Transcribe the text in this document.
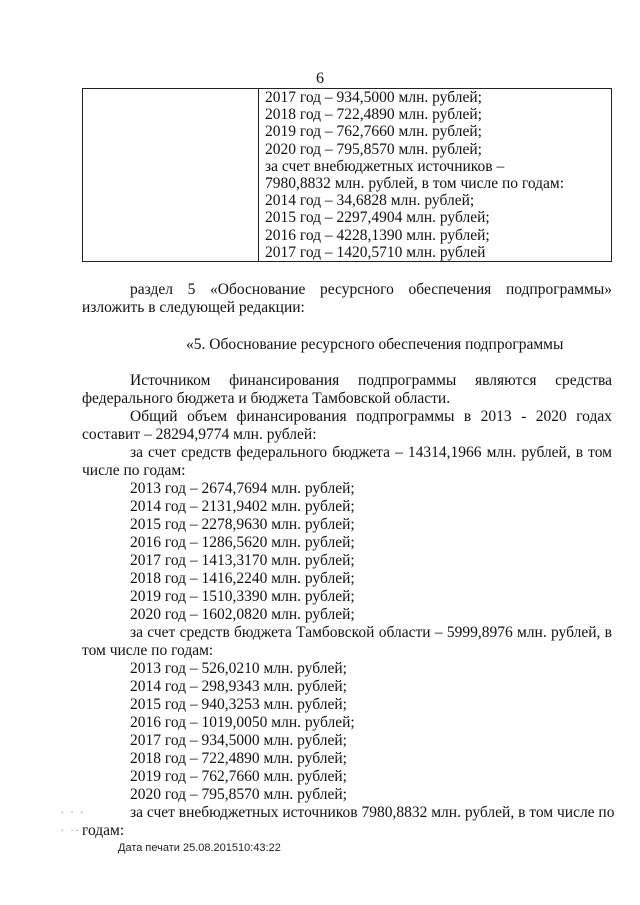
6

2017 год – 934,5000 млн. рублей;
2018 год – 722,4890 млн. рублей;
2019 год – 762,7660 млн. рублей;
2020 год – 795,8570 млн. рублей;
за счет внебюджетных источников –
7980,8832 млн. рублей, в том числе по годам:
2014 год – 34,6828 млн. рублей;
2015 год – 2297,4904 млн. рублей;
2016 год – 4228,1390 млн. рублей;
2017 год – 1420,5710 млн. рублей
раздел 5 «Обоснование ресурсного обеспечения подпрограммы»
изложить в следующей редакции:
«5. Обоснование ресурсного обеспечения подпрограммы
Источником финансирования подпрограммы являются средства
федерального бюджета и бюджета Тамбовской области.
Общий объем финансирования подпрограммы в 2013 - 2020 годах
составит – 28294,9774 млн. рублей:
за счет средств федерального бюджета – 14314,1966 млн. рублей, в том
числе по годам:
2013 год – 2674,7694 млн. рублей;
2014 год – 2131,9402 млн. рублей;
2015 год – 2278,9630 млн. рублей;
2016 год – 1286,5620 млн. рублей;
2017 год – 1413,3170 млн. рублей;
2018 год – 1416,2240 млн. рублей;
2019 год – 1510,3390 млн. рублей;
2020 год – 1602,0820 млн. рублей;
за счет средств бюджета Тамбовской области – 5999,8976 млн. рублей, в
том числе по годам:
2013 год – 526,0210 млн. рублей;
2014 год – 298,9343 млн. рублей;
2015 год – 940,3253 млн. рублей;
2016 год – 1019,0050 млн. рублей;
2017 год – 934,5000 млн. рублей;
2018 год – 722,4890 млн. рублей;
2019 год – 762,7660 млн. рублей;
2020 год – 795,8570 млн. рублей;
за счет внебюджетных источников 7980,8832 млн. рублей, в том числе по
годам:
· · ·
· ·· ·
Дата печати 25.08.201510:43:22
